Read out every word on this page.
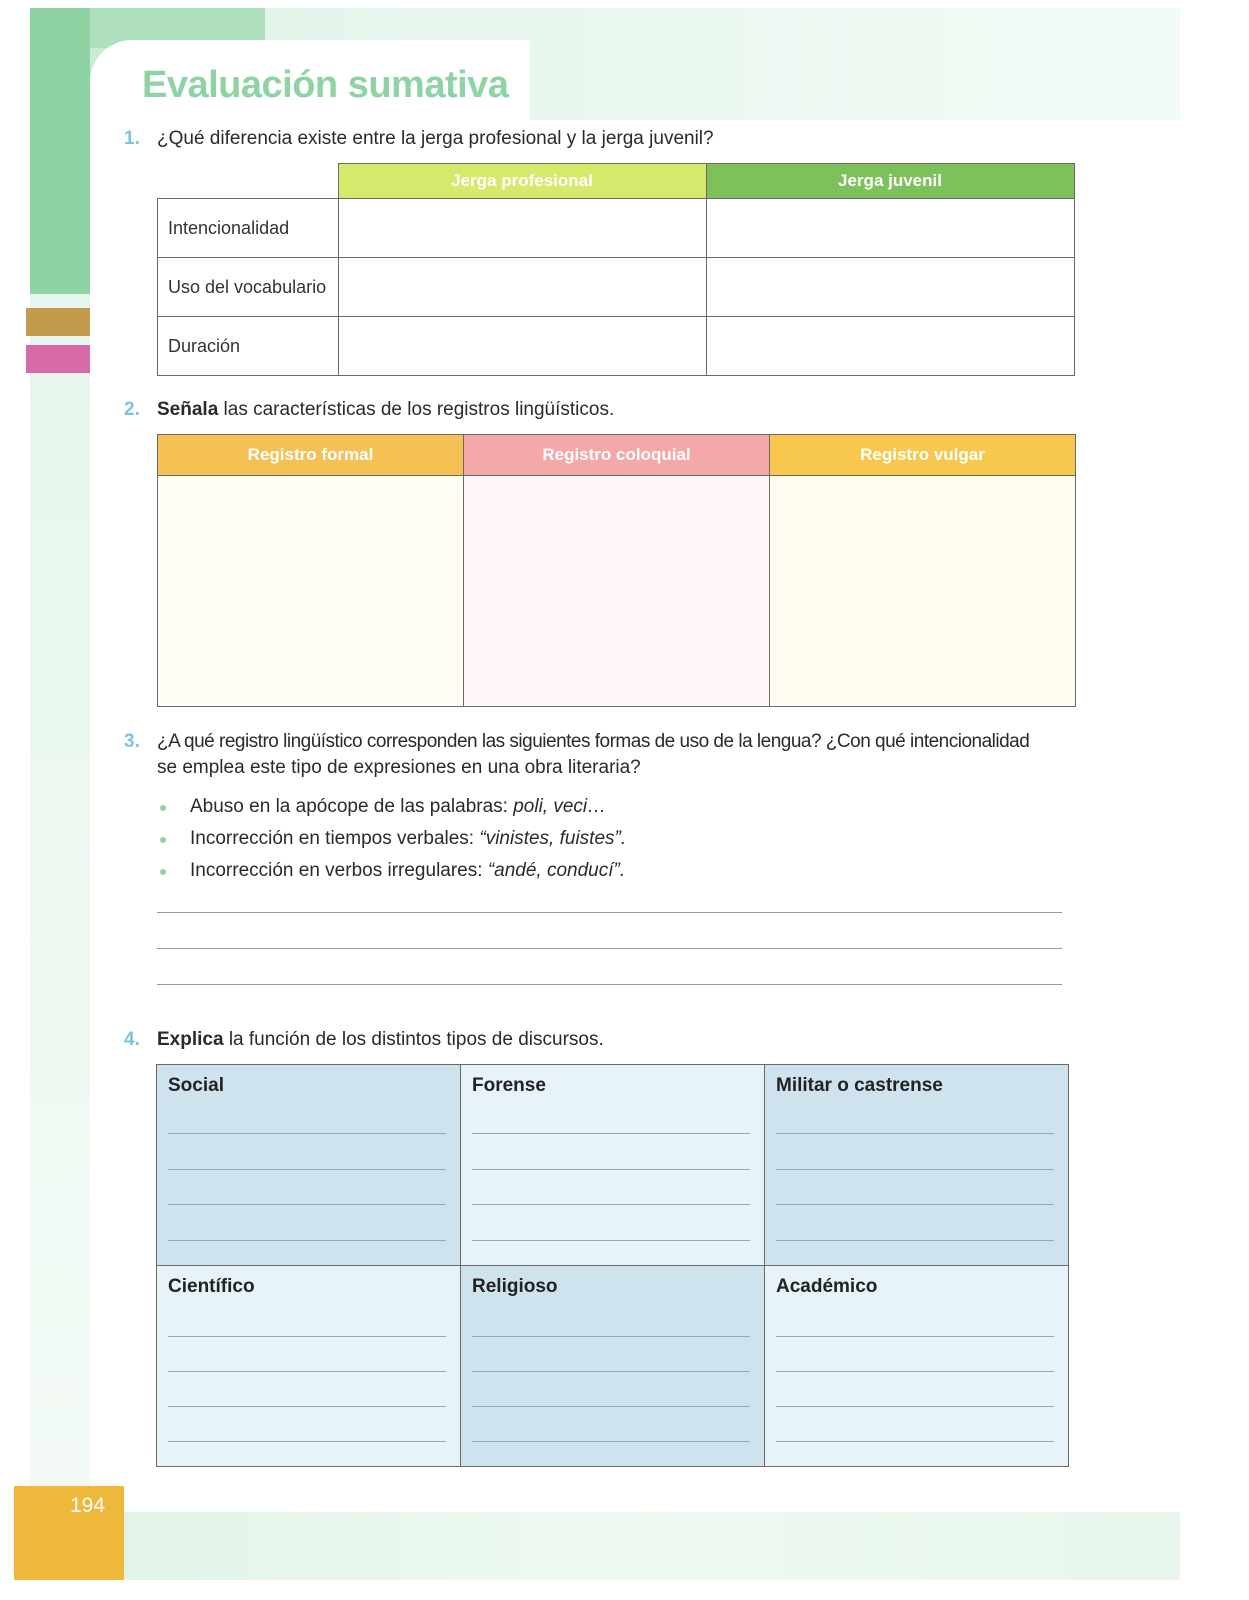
194
Evaluación sumativa
1. ¿Qué diferencia existe entre la jerga profesional y la jerga juvenil?
	Jerga profesional	Jerga juvenil
Intencionalidad		
Uso del vocabulario		
Duración		
2. Señala las características de los registros lingüísticos.
Registro formal	Registro coloquial	Registro vulgar

3. ¿A qué registro lingüístico corresponden las siguientes formas de uso de la lengua? ¿Con qué intencionalidad
se emplea este tipo de expresiones en una obra literaria?
Abuso en la apócope de las palabras: poli, veci…
Incorrección en tiempos verbales: “vinistes, fuistes”.
Incorrección en verbos irregulares: “andé, conducí”.
4. Explica la función de los distintos tipos de discursos.
Social	Forense	Militar o castrense

Científico	Religioso	Académico
